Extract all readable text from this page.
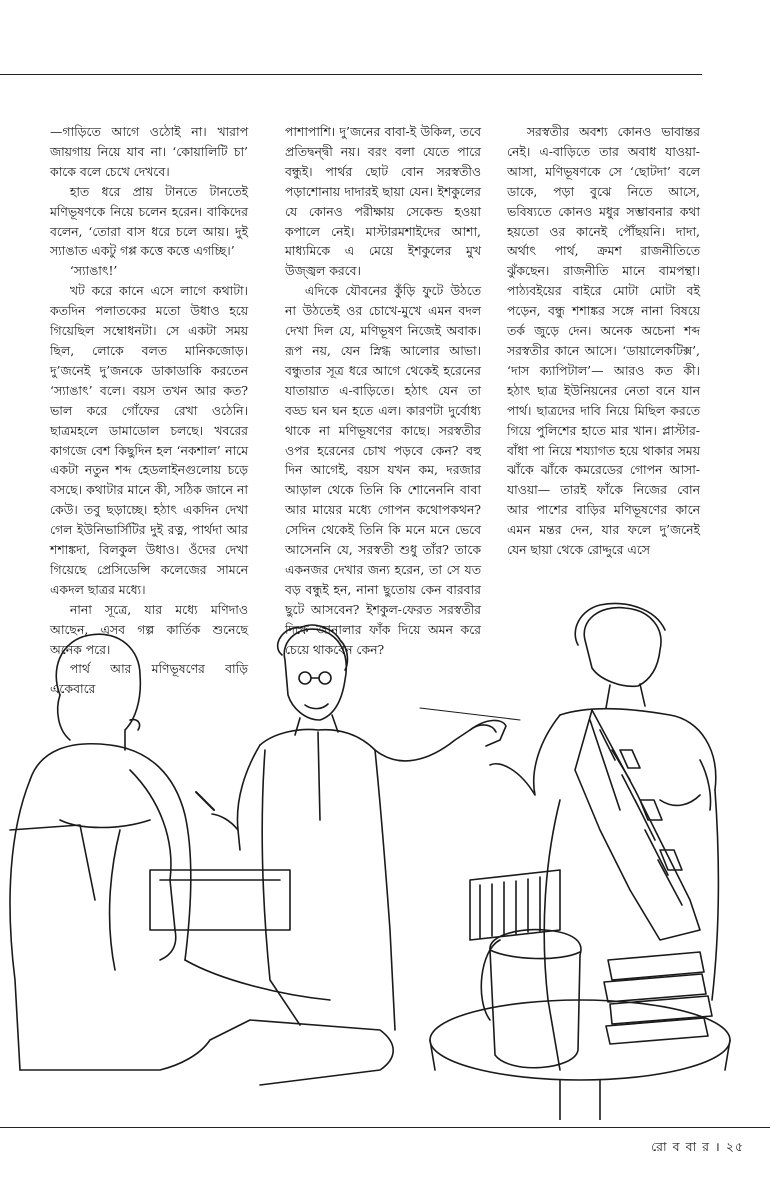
—গাড়িতে আগে ওঠোই না। খারাপ জায়গায় নিয়ে যাব না। ‘কোয়ালিটি চা’ কাকে বলে চেখে দেখবে।

হাত ধরে প্রায় টানতে টানতেই মণিভূষণকে নিয়ে চলেন হরেন। বাকিদের বলেন, ‘তোরা বাস ধরে চলে আয়। দুই স্যাঙাত একটু গপ্প কত্তে কত্তে এগচ্ছি।’

‘স্যাঙাৎ!’

খট করে কানে এসে লাগে কথাটা। কতদিন পলাতকের মতো উধাও হয়ে গিয়েছিল সম্বোধনটা। সে একটা সময় ছিল, লোকে বলত মানিকজোড়। দু’জনেই দু’জনকে ডাকাডাকি করতেন ‘স্যাঙাৎ’ বলে। বয়স তখন আর কত? ভাল করে গোঁফের রেখা ওঠেনি। ছাত্রমহলে ডামাডোল চলছে। খবরের কাগজে বেশ কিছুদিন হল ‘নকশাল’ নামে একটা নতুন শব্দ হেডলাইনগুলোয় চড়ে বসছে। কথাটার মানে কী, সঠিক জানে না কেউ। তবু ছড়াচ্ছে। হঠাৎ একদিন দেখা গেল ইউনিভার্সিটির দুই রত্ন, পার্থদা আর শশাঙ্কদা, বিলকুল উধাও। ওঁদের দেখা গিয়েছে প্রেসিডেন্সি কলেজের সামনে একদল ছাত্রর মধ্যে।

নানা সূত্রে, যার মধ্যে মণিদাও আছেন, এসব গল্প কার্তিক শুনেছে অনেক পরে।

পার্থ আর মণিভূষণের বাড়ি একেবারে

পাশাপাশি। দু’জনের বাবা-ই উকিল, তবে প্রতিদ্বন্দ্বী নয়। বরং বলা যেতে পারে বন্ধুই। পার্থর ছোট বোন সরস্বতীও পড়াশোনায় দাদারই ছায়া যেন। ইশকুলের যে কোনও পরীক্ষায় সেকেন্ড হওয়া কপালে নেই। মাস্টারমশাইদের আশা, মাধ্যমিকে এ মেয়ে ইশকুলের মুখ উজ্জ্বল করবে।

এদিকে যৌবনের কুঁড়ি ফুটে উঠতে না উঠতেই ওর চোখে-মুখে এমন বদল দেখা দিল যে, মণিভূষণ নিজেই অবাক। রূপ নয়, যেন স্নিগ্ধ আলোর আভা। বন্ধুতার সূত্র ধরে আগে থেকেই হরেনের যাতায়াত এ-বাড়িতে। হঠাৎ যেন তা বড্ড ঘন ঘন হতে এল। কারণটা দুর্বোধ্য থাকে না মণিভূষণের কাছে। সরস্বতীর ওপর হরেনের চোখ পড়বে কেন? বহু দিন আগেই, বয়স যখন কম, দরজার আড়াল থেকে তিনি কি শোনেননি বাবা আর মায়ের মধ্যে গোপন কথোপকথন? সেদিন থেকেই তিনি কি মনে মনে ভেবে আসেননি যে, সরস্বতী শুধু তাঁর? তাকে একনজর দেখার জন্য হরেন, তা সে যত বড় বন্ধুই হন, নানা ছুতোয় কেন বারবার ছুটে আসবেন? ইশকুল-ফেরত সরস্বতীর দিকে জানালার ফাঁক দিয়ে অমন করে চেয়ে থাকবেন কেন?

সরস্বতীর অবশ্য কোনও ভাবান্তর নেই। এ-বাড়িতে তার অবাধ যাওয়া-আসা, মণিভূষণকে সে ‘ছোটদা’ বলে ডাকে, পড়া বুঝে নিতে আসে, ভবিষ্যতে কোনও মধুর সম্ভাবনার কথা হয়তো ওর কানেই পৌঁছয়নি। দাদা, অর্থাৎ পার্থ, ক্রমশ রাজনীতিতে ঝুঁকছেন। রাজনীতি মানে বামপন্থা। পাঠ্যবইয়ের বাইরে মোটা মোটা বই পড়েন, বন্ধু শশাঙ্কর সঙ্গে নানা বিষয়ে তর্ক জুড়ে দেন। অনেক অচেনা শব্দ সরস্বতীর কানে আসে। ‘ডায়ালেকটিক্স’, ‘দাস ক্যাপিটাল’— আরও কত কী। হঠাৎ ছাত্র ইউনিয়নের নেতা বনে যান পার্থ। ছাত্রদের দাবি নিয়ে মিছিল করতে গিয়ে পুলিশের হাতে মার খান। প্লাস্টার-বাঁধা পা নিয়ে শয্যাগত হয়ে থাকার সময় ঝাঁকে ঝাঁকে কমরেডের গোপন আসা-যাওয়া— তারই ফাঁকে নিজের বোন আর পাশের বাড়ির মণিভূষণের কানে এমন মন্তর দেন, যার ফলে দু’জনেই যেন ছায়া থেকে রোদ্দুরে এসে

রো ব বা র । ২৫
